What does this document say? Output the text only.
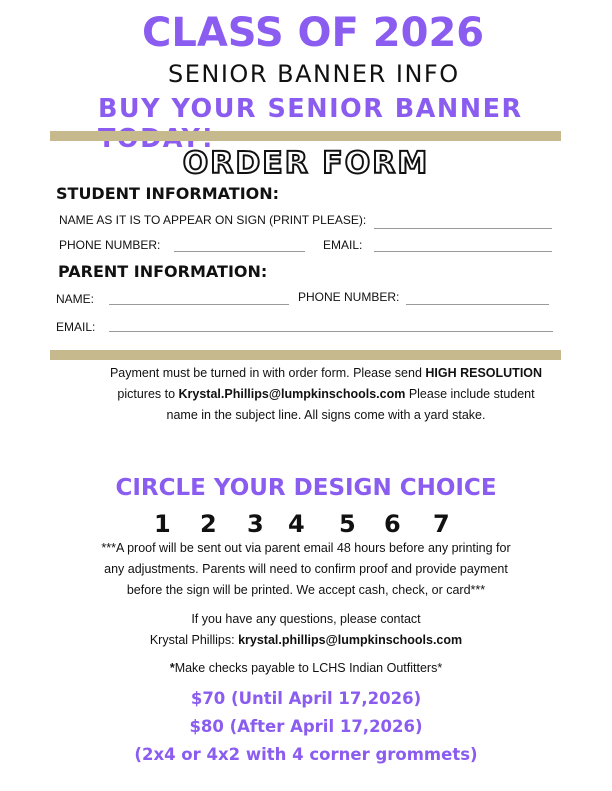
CLASS OF 2026
SENIOR BANNER INFO
BUY YOUR SENIOR BANNER
ORDER FORM
STUDENT INFORMATION:
NAME AS IT IS TO APPEAR ON SIGN (PRINT PLEASE):
PHONE NUMBER:	EMAIL:
PARENT INFORMATION:
NAME:	PHONE NUMBER:
EMAIL:
Payment must be turned in with order form. Please send HIGH RESOLUTION
pictures to Krystal.Phillips@lumpkinschools.com Please include student
name in the subject line. All signs come with a yard stake.
CIRCLE YOUR DESIGN CHOICE
1 2 3 4 5 6 7
***A proof will be sent out via parent email 48 hours before any printing for
any adjustments. Parents will need to confirm proof and provide payment
before the sign will be printed. We accept cash, check, or card***
If you have any questions, please contact
Krystal Phillips: krystal.phillips@lumpkinschools.com
*Make checks payable to LCHS Indian Outfitters*
$70 (Until April 17,2026)
$80 (After April 17,2026)
(2x4 or 4x2 with 4 corner grommets)
